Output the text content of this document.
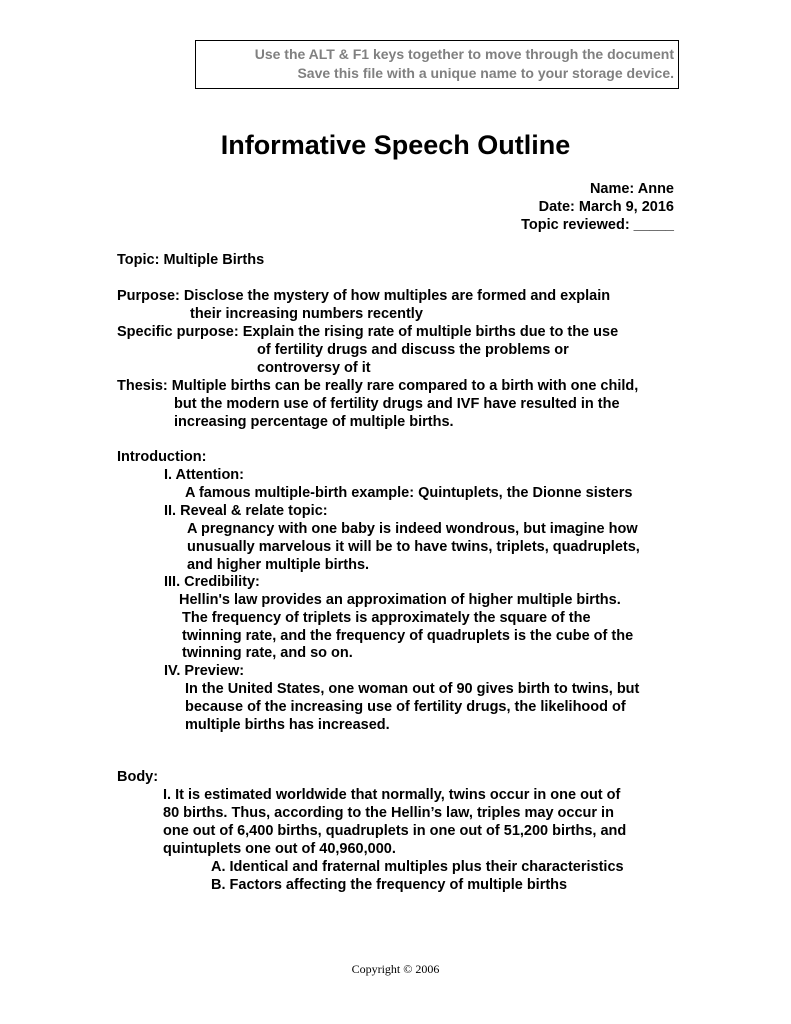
Use the ALT & F1 keys together to move through the document
Save this file with a unique name to your storage device.
Informative Speech Outline
Name: Anne
Date: March 9, 2016
Topic reviewed: _____
Topic: Multiple Births
Purpose: Disclose the mystery of how multiples are formed and explain
their increasing numbers recently
Specific purpose: Explain the rising rate of multiple births due to the use
of fertility drugs and discuss the problems or
controversy of it
Thesis: Multiple births can be really rare compared to a birth with one child,
but the modern use of fertility drugs and IVF have resulted in the
increasing percentage of multiple births.
Introduction:
I. Attention:
A famous multiple-birth example: Quintuplets, the Dionne sisters
II. Reveal & relate topic:
A pregnancy with one baby is indeed wondrous, but imagine how
unusually marvelous it will be to have twins, triplets, quadruplets,
and higher multiple births.
III. Credibility:
Hellin's law provides an approximation of higher multiple births.
The frequency of triplets is approximately the square of the
twinning rate, and the frequency of quadruplets is the cube of the
twinning rate, and so on.
IV. Preview:
In the United States, one woman out of 90 gives birth to twins, but
because of the increasing use of fertility drugs, the likelihood of
multiple births has increased.
Body:
I. It is estimated worldwide that normally, twins occur in one out of
80 births. Thus, according to the Hellin’s law, triples may occur in
one out of 6,400 births, quadruplets in one out of 51,200 births, and
quintuplets one out of 40,960,000.
A. Identical and fraternal multiples plus their characteristics
B. Factors affecting the frequency of multiple births
Copyright © 2006
